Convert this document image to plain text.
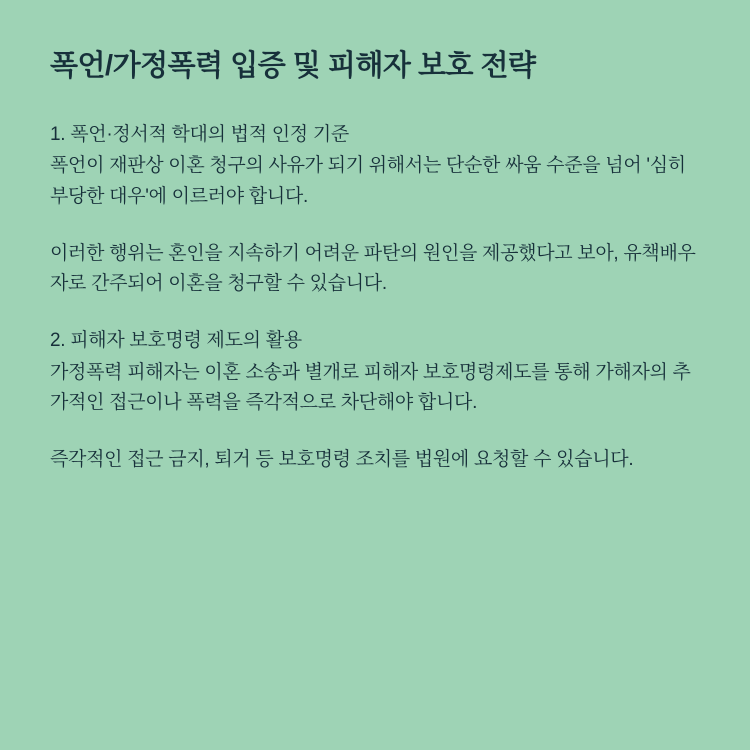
폭언/가정폭력 입증 및 피해자 보호 전략

1. 폭언·정서적 학대의 법적 인정 기준

폭언이 재판상 이혼 청구의 사유가 되기 위해서는 단순한 싸움 수준을 넘어 '심히 부당한 대우'에 이르러야 합니다.

이러한 행위는 혼인을 지속하기 어려운 파탄의 원인을 제공했다고 보아, 유책배우자로 간주되어 이혼을 청구할 수 있습니다.

2. 피해자 보호명령 제도의 활용

가정폭력 피해자는 이혼 소송과 별개로 피해자 보호명령제도를 통해 가해자의 추가적인 접근이나 폭력을 즉각적으로 차단해야 합니다.

즉각적인 접근 금지, 퇴거 등 보호명령 조치를 법원에 요청할 수 있습니다.
